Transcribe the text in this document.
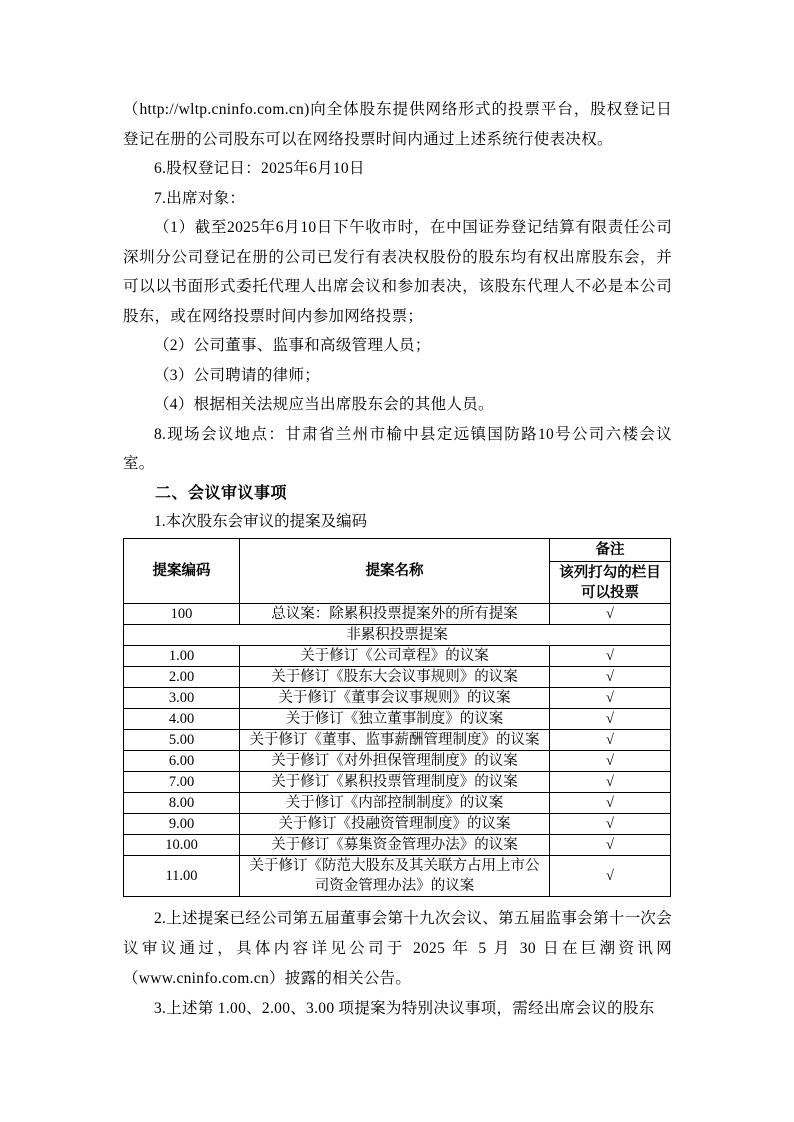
（http://wltp.cninfo.com.cn)向全体股东提供网络形式的投票平台，股权登记日登记在册的公司股东可以在网络投票时间内通过上述系统行使表决权。

6.股权登记日：2025年6月10日

7.出席对象：

（1）截至2025年6月10日下午收市时，在中国证券登记结算有限责任公司深圳分公司登记在册的公司已发行有表决权股份的股东均有权出席股东会，并可以以书面形式委托代理人出席会议和参加表决，该股东代理人不必是本公司股东，或在网络投票时间内参加网络投票；

（2）公司董事、监事和高级管理人员；

（3）公司聘请的律师；

（4）根据相关法规应当出席股东会的其他人员。

8.现场会议地点：甘肃省兰州市榆中县定远镇国防路10号公司六楼会议室。

二、会议审议事项

1.本次股东会审议的提案及编码

提案编码	提案名称	备注
		该列打勾的栏目可以投票
100	总议案：除累积投票提案外的所有提案	√
非累积投票提案		
1.00	关于修订《公司章程》的议案	√
2.00	关于修订《股东大会议事规则》的议案	√
3.00	关于修订《董事会议事规则》的议案	√
4.00	关于修订《独立董事制度》的议案	√
5.00	关于修订《董事、监事薪酬管理制度》的议案	√
6.00	关于修订《对外担保管理制度》的议案	√
7.00	关于修订《累积投票管理制度》的议案	√
8.00	关于修订《内部控制制度》的议案	√
9.00	关于修订《投融资管理制度》的议案	√
10.00	关于修订《募集资金管理办法》的议案	√
11.00	关于修订《防范大股东及其关联方占用上市公司资金管理办法》的议案	√

2.上述提案已经公司第五届董事会第十九次会议、第五届监事会第十一次会议审议通过，具体内容详见公司于 2025 年 5 月 30 日在巨潮资讯网（www.cninfo.com.cn）披露的相关公告。

3.上述第 1.00、2.00、3.00 项提案为特别决议事项，需经出席会议的股东
